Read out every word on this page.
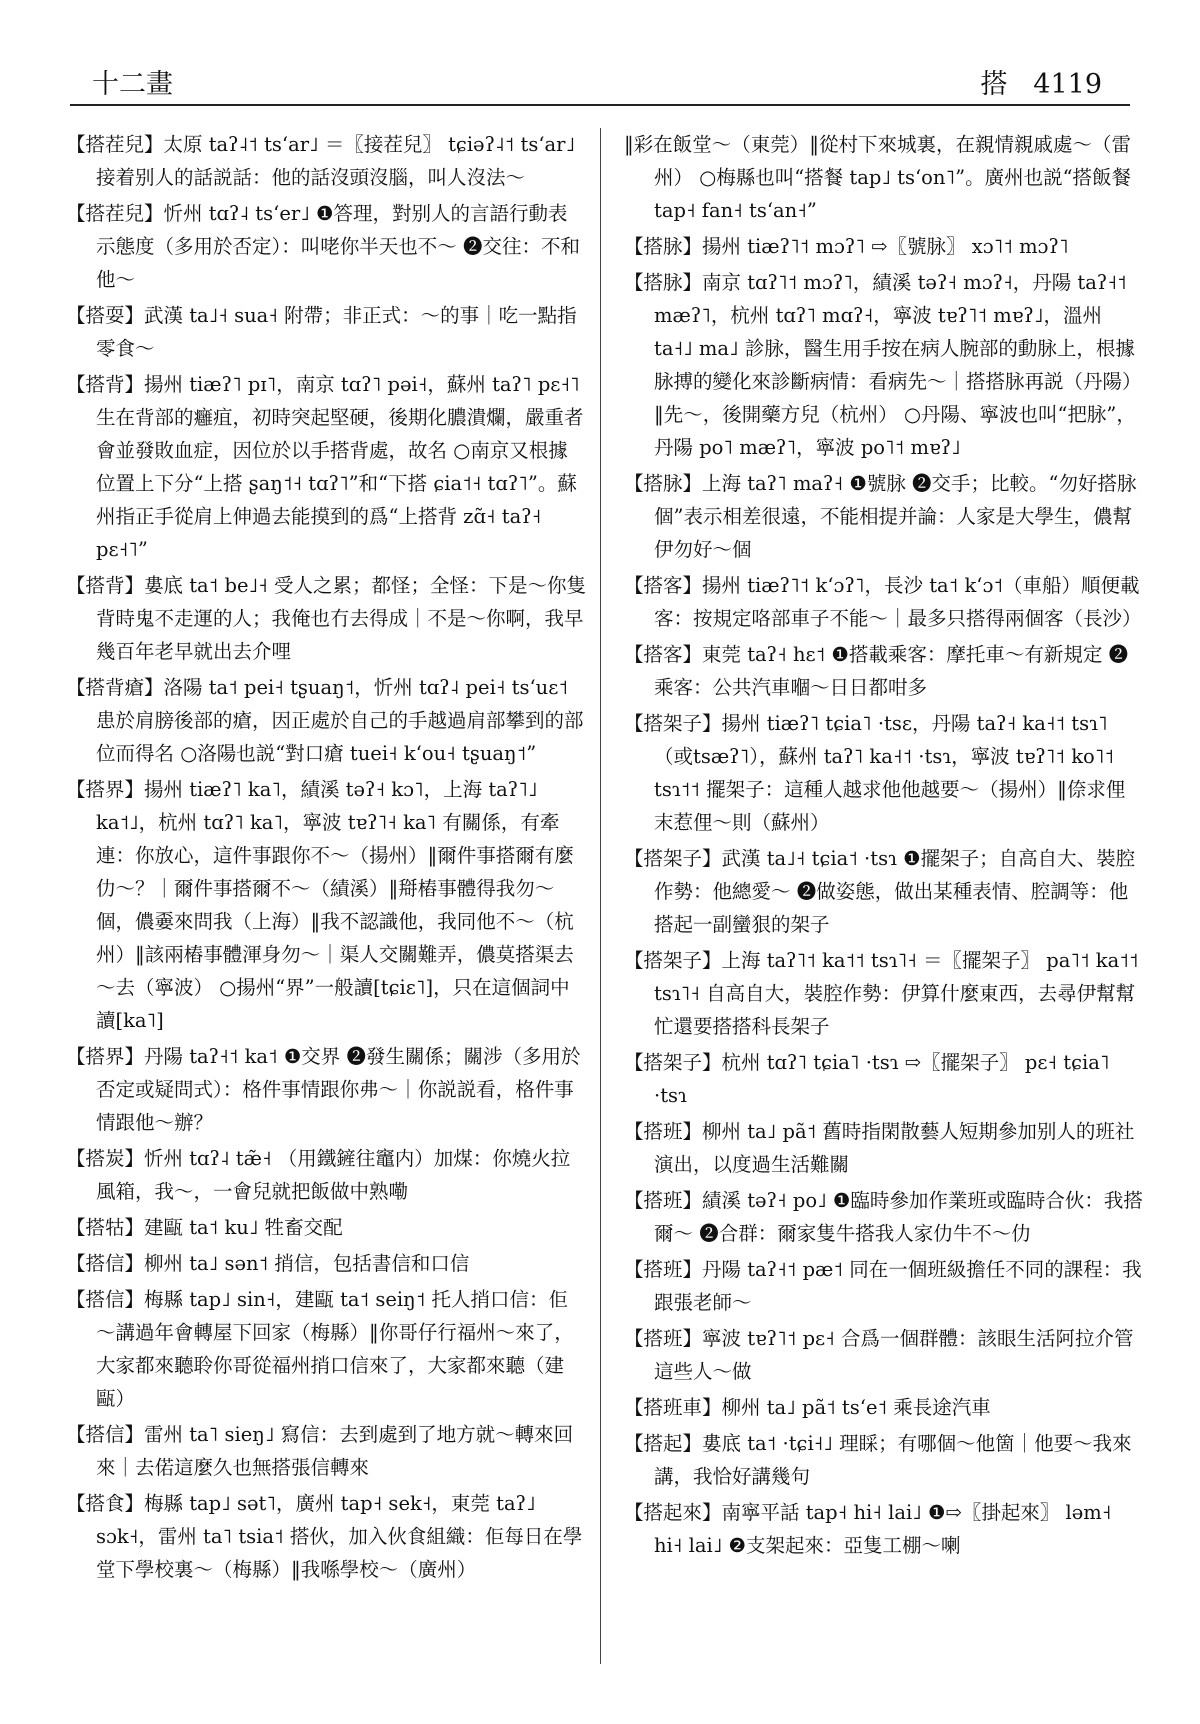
十二畫	搭 4119
【搭茬兒】太原 taʔ˨˦ tsʻar˩ ＝〖接茬兒〗 tɕiəʔ˨˦ tsʻar˩ 接着别人的話説話：他的話沒頭沒腦，叫人沒法～
【搭茬兒】忻州 tɑʔ˨ tsʻer˩ ❶答理，對别人的言語行動表示態度（多用於否定）：叫咾你半天也不～ ❷交往：不和他～
【搭耍】武漢 ta˩˧ sua˧ 附帶；非正式：～的事｜吃一點指零食～
【搭背】揚州 tiæʔ˥ pɪ˥，南京 tɑʔ˥ pəi˧，蘇州 taʔ˥ pɛ˧˥ 生在背部的癰疽，初時突起堅硬，後期化膿潰爛，嚴重者會並發敗血症，因位於以手搭背處，故名 ○南京又根據位置上下分“上搭 ʂaŋ˦˧ tɑʔ˥”和“下搭 ɕia˦˧ tɑʔ˥”。蘇州指正手從肩上伸過去能摸到的爲“上搭背 zɑ̃˧ taʔ˧ pɛ˧˥”
【搭背】婁底 ta˦ be˩˧ 受人之累；都怪；全怪：下是～你隻背時鬼不走運的人；我俺也冇去得成｜不是～你啊，我早幾百年老早就出去介哩
【搭背瘡】洛陽 ta˦ pei˧ tʂuaŋ˦，忻州 tɑʔ˨ pei˧ tsʻuɛ˦ 患於肩膀後部的瘡，因正處於自己的手越過肩部攀到的部位而得名 ○洛陽也説“對口瘡 tuei˧ kʻou˧ tʂuaŋ˦”
【搭界】揚州 tiæʔ˥ ka˥，績溪 təʔ˧ kɔ˥，上海 taʔ˥˩ ka˦˩，杭州 tɑʔ˥ ka˥，寧波 tɐʔ˥˧ ka˥ 有關係，有牽連：你放心，這件事跟你不～（揚州）‖爾件事搭爾有麼仂～？｜爾件事搭爾不～（績溪）‖搿樁事體得我勿～個，儂嫑來問我（上海）‖我不認識他，我同他不～（杭州）‖該兩樁事體渾身勿～｜渠人交關難弄，儂莫搭渠去～去（寧波） ○揚州“界”一般讀[tɕiɛ˥]，只在這個詞中讀[ka˥]
【搭界】丹陽 taʔ˧˦ ka˦ ❶交界 ❷發生關係；關涉（多用於否定或疑問式）：格件事情跟你弗～｜你説説看，格件事情跟他～辦？
【搭炭】忻州 tɑʔ˨ tæ̃˧ （用鐵鏟往竈内）加煤：你燒火拉風箱，我～，一會兒就把飯做中熟嘞
【搭牯】建甌 ta˦ ku˩ 牲畜交配
【搭信】柳州 ta˩ sən˦ 捎信，包括書信和口信
【搭信】梅縣 tap˩ sin˧，建甌 ta˦ seiŋ˦ 托人捎口信：佢～講過年會轉屋下回家（梅縣）‖你哥仔行福州～來了，大家都來聽聆你哥從福州捎口信來了，大家都來聽（建甌）
【搭信】雷州 ta˥ sieŋ˩ 寫信：去到處到了地方就～轉來回來｜去偌這麼久也無搭張信轉來
【搭食】梅縣 tap˩ sət˥，廣州 tap˧ sek˧，東莞 taʔ˩ sɔk˧，雷州 ta˥ tsia˦ 搭伙，加入伙食組織：佢每日在學堂下學校裏～（梅縣）‖我喺學校～（廣州）
‖彩在飯堂～（東莞）‖從村下來城裏，在親情親戚處～（雷州） ○梅縣也叫“搭餐 tap˩ tsʻon˥”。廣州也説“搭飯餐 tap˧ fan˧ tsʻan˧”
【搭脉】揚州 tiæʔ˥˦ mɔʔ˥ ⇨〖號脉〗 xɔ˥˦ mɔʔ˥
【搭脉】南京 tɑʔ˥˦ mɔʔ˥，績溪 təʔ˧ mɔʔ˧，丹陽 taʔ˧˦ mæʔ˥，杭州 tɑʔ˥ mɑʔ˧，寧波 tɐʔ˥˦ mɐʔ˩，溫州 ta˧˩ ma˩ 診脉，醫生用手按在病人腕部的動脉上，根據脉搏的變化來診斷病情：看病先～｜搭搭脉再説（丹陽）‖先～，後開藥方兒（杭州） ○丹陽、寧波也叫“把脉”，丹陽 po˥ mæʔ˥，寧波 po˥˦ mɐʔ˩
【搭脉】上海 taʔ˥ maʔ˧ ❶號脉 ❷交手；比較。“勿好搭脉個”表示相差很遠，不能相提并論：人家是大學生，儂幫伊勿好～個
【搭客】揚州 tiæʔ˥˦ kʻɔʔ˥，長沙 ta˦ kʻɔ˦（車船）順便載客：按規定咯部車子不能～｜最多只搭得兩個客（長沙）
【搭客】東莞 taʔ˧ hɛ˦ ❶搭載乘客：摩托車～有新規定 ❷乘客：公共汽車嗰～日日都咁多
【搭架子】揚州 tiæʔ˥ tɕia˥ ·tsɛ，丹陽 taʔ˧ ka˧˦ tsɿ˥（或tsæʔ˥），蘇州 taʔ˥ ka˧˦ ·tsɿ，寧波 tɐʔ˥˦ ko˥˦ tsɿ˦˦ 擺架子：這種人越求他他越要～（揚州）‖倷求俚末惹俚～則（蘇州）
【搭架子】武漢 ta˩˧ tɕia˦ ·tsɿ ❶擺架子；自高自大、裝腔作勢：他總愛～ ❷做姿態，做出某種表情、腔調等：他搭起一副蠻狠的架子
【搭架子】上海 taʔ˥˦ ka˦˦ tsɿ˥˧ ＝〖擺架子〗 pa˥˦ ka˦˦ tsɿ˥˧ 自高自大，裝腔作勢：伊算什麼東西，去尋伊幫幫忙還要搭搭科長架子
【搭架子】杭州 tɑʔ˥ tɕia˥ ·tsɿ ⇨〖擺架子〗 pɛ˧ tɕia˥ ·tsɿ
【搭班】柳州 ta˩ pã˦ 舊時指閑散藝人短期參加别人的班社演出，以度過生活難關
【搭班】績溪 təʔ˧ po˩ ❶臨時參加作業班或臨時合伙：我搭爾～ ❷合群：爾家隻牛搭我人家仂牛不～仂
【搭班】丹陽 taʔ˧˦ pæ˦ 同在一個班級擔任不同的課程：我跟張老師～
【搭班】寧波 tɐʔ˥˦ pɛ˧ 合爲一個群體：該眼生活阿拉介管這些人～做
【搭班車】柳州 ta˩ pã˦ tsʻe˦ 乘長途汽車
【搭起】婁底 ta˦ ·tɕi˧˩ 理睬；有哪個～他箇｜他要～我來講，我恰好講幾句
【搭起來】南寧平話 tap˧ hi˧ lai˩ ❶⇨〖掛起來〗 ləm˧ hi˧ lai˩ ❷支架起來：亞隻工棚～喇
